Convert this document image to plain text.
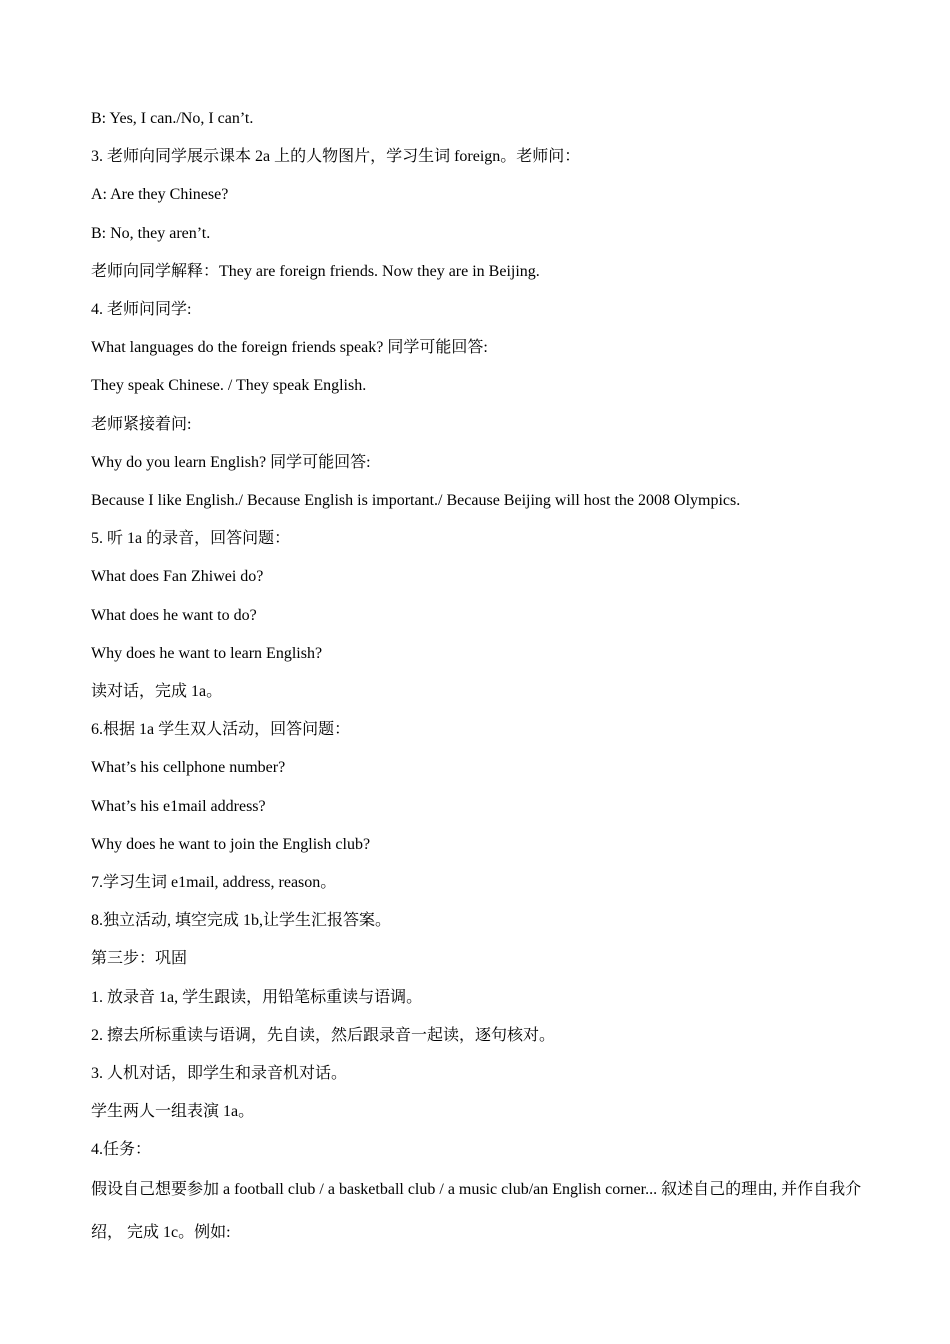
B: Yes, I can./No, I can’t.

3. 老师向同学展示课本 2a 上的人物图片，学习生词 foreign。老师问：

A: Are they Chinese?

B: No, they aren’t.

老师向同学解释：They are foreign friends. Now they are in Beijing.

4. 老师问同学:

What languages do the foreign friends speak? 同学可能回答:

They speak Chinese. / They speak English.

老师紧接着问:

Why do you learn English? 同学可能回答:

Because I like English./ Because English is important./ Because Beijing will host the 2008 Olympics.

5. 听 1a 的录音，回答问题：

What does Fan Zhiwei do?

What does he want to do?

Why does he want to learn English?

读对话，完成 1a。

6.根据 1a 学生双人活动，回答问题：

What’s his cellphone number?

What’s his e1mail address?

Why does he want to join the English club?

7.学习生词 e1mail, address, reason。

8.独立活动, 填空完成 1b,让学生汇报答案。

第三步：巩固

1. 放录音 1a, 学生跟读，用铅笔标重读与语调。

2. 擦去所标重读与语调，先自读，然后跟录音一起读，逐句核对。

3. 人机对话，即学生和录音机对话。

学生两人一组表演 1a。

4.任务：

假设自己想要参加 a football club / a basketball club / a music club/an English corner... 叙述自己的理由, 并作自我介绍， 完成 1c。例如:
